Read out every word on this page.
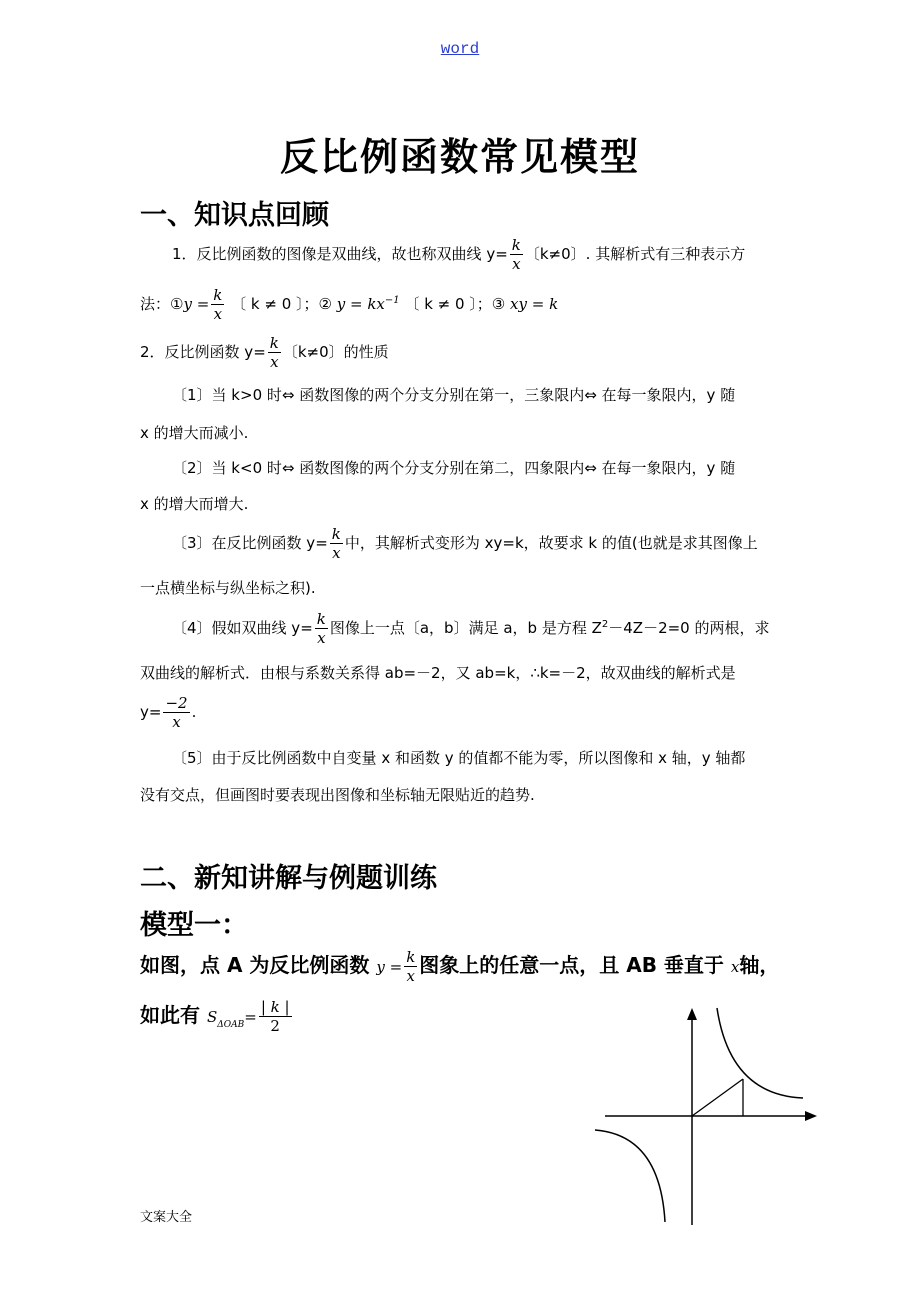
word
反比例函数常见模型
一、知识点回顾
1．反比例函数的图像是双曲线，故也称双曲线 $y= \frac{k}{x}$ 〔k≠0〕. 其解析式有三种表示方
法：①y = $\frac{k}{x}$ 〔 k ≠ 0 〕；② $y = kx^{-1}$ 〔 k ≠ 0 〕；③ xy = k
2．反比例函数 $y= \frac{k}{x}$ 〔k≠0〕的性质
〔1〕当 k>0 时⇔ 函数图像的两个分支分别在第一，三象限内⇔ 在每一象限内，y 随
x 的增大而减小.
〔2〕当 k<0 时⇔ 函数图像的两个分支分别在第二，四象限内⇔ 在每一象限内，y 随
x 的增大而增大.
〔3〕在反比例函数 $y= \frac{k}{x}$ 中，其解析式变形为 xy=k，故要求 k 的值(也就是求其图像上
一点横坐标与纵坐标之积).
〔4〕假如双曲线 $y= \frac{k}{x}$ 图像上一点〔a，b〕满足 a，b 是方程 $Z^2-4Z-2=0$ 的两根，求
双曲线的解析式．由根与系数关系得 ab=－2，又 ab=k，∴k=－2，故双曲线的解析式是
$y= \frac{-2}{x}$ .
〔5〕由于反比例函数中自变量 x 和函数 y 的值都不能为零，所以图像和 x 轴，y 轴都
没有交点，但画图时要表现出图像和坐标轴无限贴近的趋势.
二、新知讲解与例题训练
模型一：
如图，点 A 为反比例函数 $y = \frac{k}{x}$ 图象上的任意一点，且 AB 垂直于 x轴，
如此有 $S_{\Delta OAB}= \frac{| k |}{2}$
文案大全
